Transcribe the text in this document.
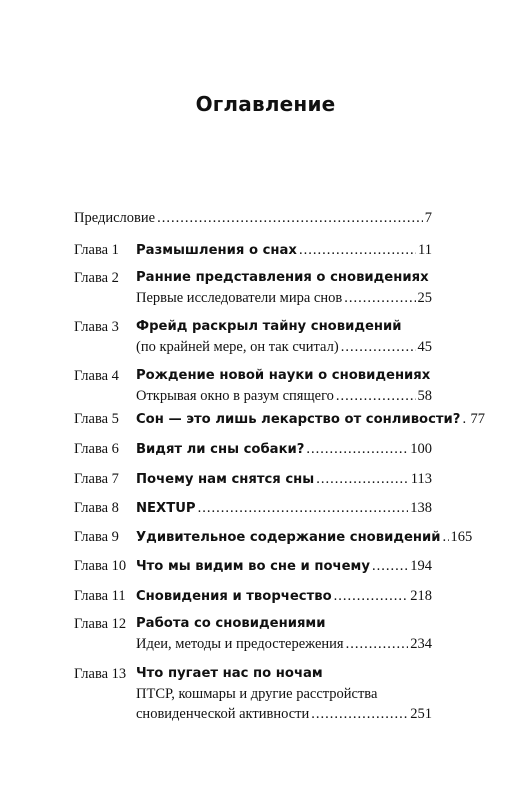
Оглавление
Предисловие .....	7
Глава 1 Размышления о снах .....	11
Глава 2 Ранние представления о сновидениях
Первые исследователи мира снов .....	25
Глава 3 Фрейд раскрыл тайну сновидений
(по крайней мере, он так считал) .....	45
Глава 4 Рождение новой науки о сновидениях
Открывая окно в разум спящего .....	58
Глава 5 Сон — это лишь лекарство от сонливости? ..... 77
Глава 6 Видят ли сны собаки? .....	100
Глава 7 Почему нам снятся сны .....	113
Глава 8 NEXTUP .....	138
Глава 9 Удивительное содержание сновидений ..... 165
Глава 10 Что мы видим во сне и почему .....	194
Глава 11 Сновидения и творчество .....	218
Глава 12 Работа со сновидениями
Идеи, методы и предостережения .....	234
Глава 13 Что пугает нас по ночам
ПТСР, кошмары и другие расстройства
сновиденческой активности .....	251
